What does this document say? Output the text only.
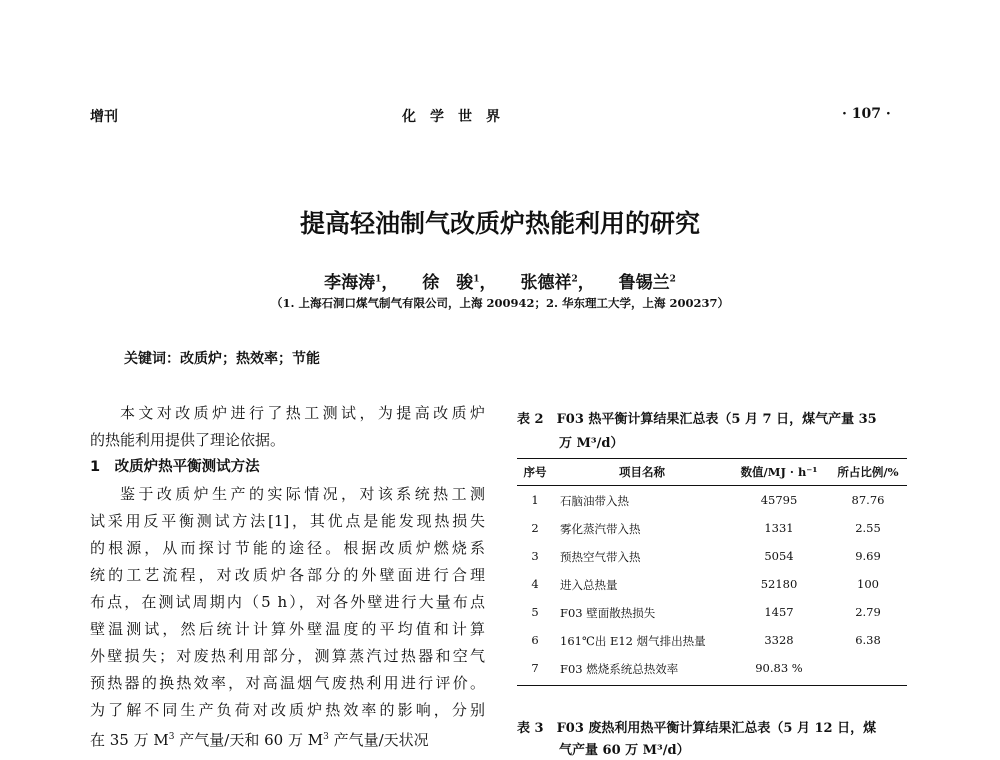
增刊	化　学　世　界	· 107 ·
提高轻油制气改质炉热能利用的研究
李海涛$^1$， 徐　骏$^1$， 张德祥$^2$， 鲁锡兰$^2$
（1. 上海石洞口煤气制气有限公司，上海 200942；2. 华东理工大学，上海 200237）
关键词：改质炉；热效率；节能
本文对改质炉进行了热工测试，为提高改质炉
的热能利用提供了理论依据。
1　改质炉热平衡测试方法
鉴于改质炉生产的实际情况，对该系统热工测
试采用反平衡测试方法[1]，其优点是能发现热损失
的根源，从而探讨节能的途径。根据改质炉燃烧系
统的工艺流程，对改质炉各部分的外壁面进行合理
布点，在测试周期内（5 h），对各外壁进行大量布点
壁温测试，然后统计计算外壁温度的平均值和计算
外壁损失；对废热利用部分，测算蒸汽过热器和空气
预热器的换热效率，对高温烟气废热利用进行评价。
为了解不同生产负荷对改质炉热效率的影响，分别
在 35 万 $M^3$ 产气量/天和 60 万 $M^3$ 产气量/天状况
表 2　F03 热平衡计算结果汇总表（5 月 7 日，煤气产量 35
万 M³/d）
序号	项目名称	数值/MJ · h⁻¹	所占比例/%
1	石脑油带入热	45795	87.76
2	雾化蒸汽带入热	1331	2.55
3	预热空气带入热	5054	9.69
4	进入总热量	52180	100
5	F03 壁面散热损失	1457	2.79
6	161℃出 E12 烟气排出热量	3328	6.38
7	F03 燃烧系统总热效率	90.83 %
表 3　F03 废热利用热平衡计算结果汇总表（5 月 12 日，煤
气产量 60 万 M³/d）
